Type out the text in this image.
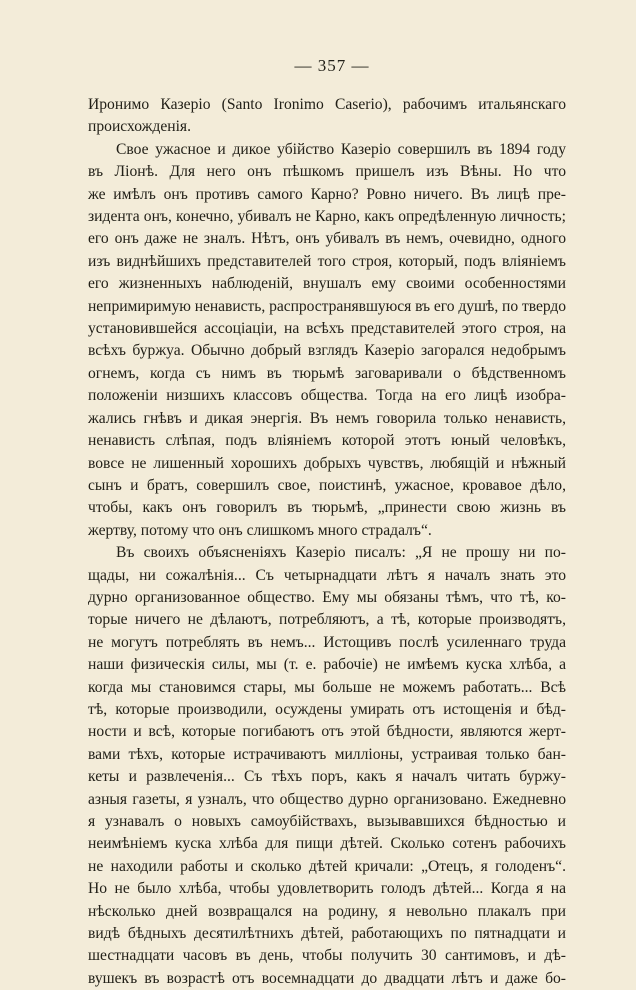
— 357 —
Иронимо Казеріо (Santo Ironimo Caserio), рабочимъ итальянскаго
происхожденія.
Свое ужасное и дикое убійство Казеріо совершилъ въ 1894 году
въ Ліонѣ. Для него онъ пѣшкомъ пришелъ изъ Вѣны. Но что
же имѣлъ онъ противъ самого Карно? Ровно ничего. Въ лицѣ пре-
зидента онъ, конечно, убивалъ не Карно, какъ опредѣленную личность;
его онъ даже не зналъ. Нѣтъ, онъ убивалъ въ немъ, очевидно, одного
изъ виднѣйшихъ представителей того строя, который, подъ вліяніемъ
его жизненныхъ наблюденій, внушалъ ему своими особенностями
непримиримую ненависть, распространявшуюся въ его душѣ, по твердо
установившейся ассоціаціи, на всѣхъ представителей этого строя, на
всѣхъ буржуа. Обычно добрый взглядъ Казеріо загорался недобрымъ
огнемъ, когда съ нимъ въ тюрьмѣ заговаривали о бѣдственномъ
положеніи низшихъ классовъ общества. Тогда на его лицѣ изобра-
жались гнѣвъ и дикая энергія. Въ немъ говорила только ненависть,
ненависть слѣпая, подъ вліяніемъ которой этотъ юный человѣкъ,
вовсе не лишенный хорошихъ добрыхъ чувствъ, любящій и нѣжный
сынъ и братъ, совершилъ свое, поистинѣ, ужасное, кровавое дѣло,
чтобы, какъ онъ говорилъ въ тюрьмѣ, „принести свою жизнь въ
жертву, потому что онъ слишкомъ много страдалъ“.
Въ своихъ объясненіяхъ Казеріо писалъ: „Я не прошу ни по-
щады, ни сожалѣнія... Съ четырнадцати лѣтъ я началъ знать это
дурно организованное общество. Ему мы обязаны тѣмъ, что тѣ, ко-
торые ничего не дѣлаютъ, потребляютъ, а тѣ, которые производятъ,
не могутъ потреблять въ немъ... Истощивъ послѣ усиленнаго труда
наши физическія силы, мы (т. е. рабочіе) не имѣемъ куска хлѣба, а
когда мы становимся стары, мы больше не можемъ работать... Всѣ
тѣ, которые производили, осуждены умирать отъ истощенія и бѣд-
ности и всѣ, которые погибаютъ отъ этой бѣдности, являются жерт-
вами тѣхъ, которые истрачиваютъ милліоны, устраивая только бан-
кеты и развлеченія... Съ тѣхъ поръ, какъ я началъ читать буржу-
азныя газеты, я узналъ, что общество дурно организовано. Ежедневно
я узнавалъ о новыхъ самоубійствахъ, вызывавшихся бѣдностью и
неимѣніемъ куска хлѣба для пищи дѣтей. Сколько сотенъ рабочихъ
не находили работы и сколько дѣтей кричали: „Отецъ, я голоденъ“.
Но не было хлѣба, чтобы удовлетворить голодъ дѣтей... Когда я на
нѣсколько дней возвращался на родину, я невольно плакалъ при
видѣ бѣдныхъ десятилѣтнихъ дѣтей, работающихъ по пятнадцати и
шестнадцати часовъ въ день, чтобы получить 30 сантимовъ, и дѣ-
вушекъ въ возрастѣ отъ восемнадцати до двадцати лѣтъ и даже бо-
